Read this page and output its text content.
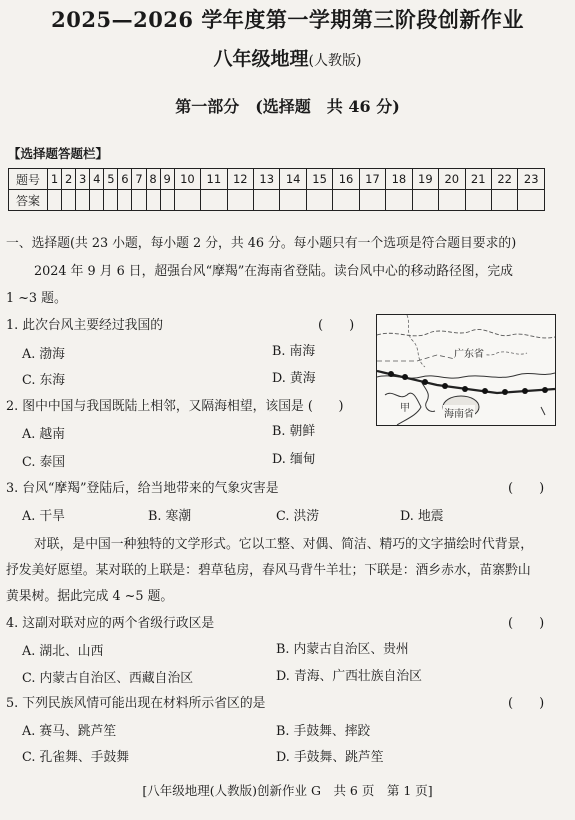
2025—2026 学年度第一学期第三阶段创新作业
八年级地理(人教版)
第一部分　(选择题　共 46 分)
【选择题答题栏】
题号	1	2	3	4	5	6	7	8	9	10	11	12	13	14	15	16	17	18	19	20	21	22	23
答案																							
一、选择题(共 23 小题，每小题 2 分，共 46 分。每小题只有一个选项是符合题目要求的)
2024 年 9 月 6 日，超强台风“摩羯”在海南省登陆。读台风中心的移动路径图，完成
1 ~3 题。
1. 此次台风主要经过我国的	(　　)
A. 渤海	B. 南海
C. 东海	D. 黄海
2. 图中中国与我国既陆上相邻，又隔海相望，该国是 (　　)
A. 越南	B. 朝鲜
C. 泰国	D. 缅甸
广东省
甲
海南省
3. 台风“摩羯”登陆后，给当地带来的气象灾害是	(　　)
A. 干旱	B. 寒潮	C. 洪涝	D. 地震
对联，是中国一种独特的文学形式。它以工整、对偶、简洁、精巧的文字描绘时代背景，
抒发美好愿望。某对联的上联是：碧草毡房，春风马背牛羊壮；下联是：酒乡赤水，苗寨黔山
黄果树。据此完成 4 ~5 题。
4. 这副对联对应的两个省级行政区是	(　　)
A. 湖北、山西	B. 内蒙古自治区、贵州
C. 内蒙古自治区、西藏自治区	D. 青海、广西壮族自治区
5. 下列民族风情可能出现在材料所示省区的是	(　　)
A. 赛马、跳芦笙	B. 手鼓舞、摔跤
C. 孔雀舞、手鼓舞	D. 手鼓舞、跳芦笙
[八年级地理(人教版)创新作业 G　共 6 页　第 1 页]
